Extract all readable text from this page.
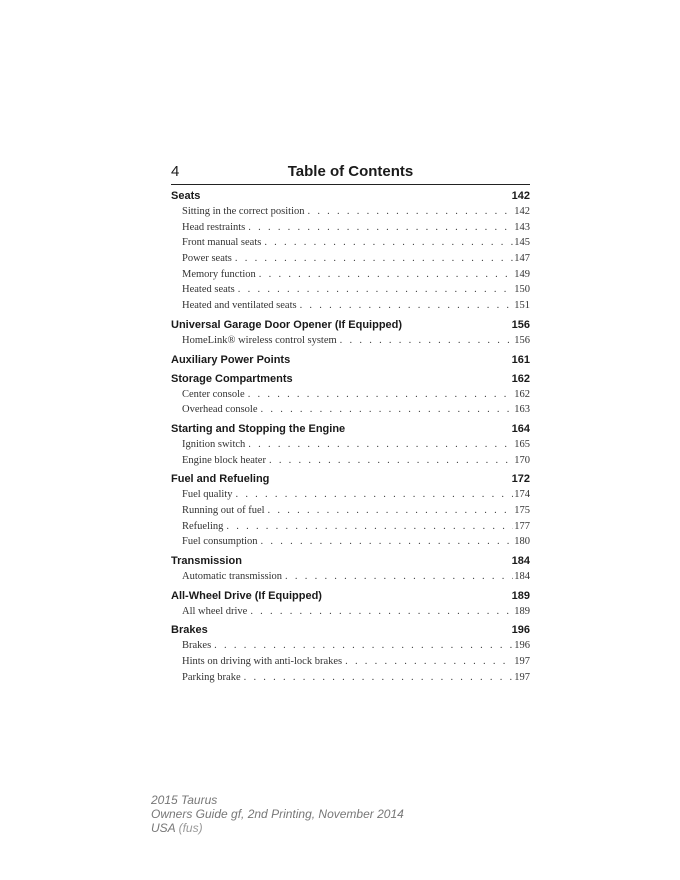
4	Table of Contents
Seats	142
Sitting in the correct position . . .	142
Head restraints . . .	143
Front manual seats . . .	145
Power seats . . .	147
Memory function . . .	149
Heated seats . . .	150
Heated and ventilated seats . . .	151
Universal Garage Door Opener (If Equipped)	156
HomeLink® wireless control system . . .	156
Auxiliary Power Points	161
Storage Compartments	162
Center console . . .	162
Overhead console . . .	163
Starting and Stopping the Engine	164
Ignition switch . . .	165
Engine block heater . . .	170
Fuel and Refueling	172
Fuel quality . . .	174
Running out of fuel . . .	175
Refueling . . .	177
Fuel consumption . . .	180
Transmission	184
Automatic transmission . . .	184
All-Wheel Drive (If Equipped)	189
All wheel drive . . .	189
Brakes	196
Brakes . . .	196
Hints on driving with anti-lock brakes . . .	197
Parking brake . . .	197
2015 Taurus
Owners Guide gf, 2nd Printing, November 2014
USA (fus)
